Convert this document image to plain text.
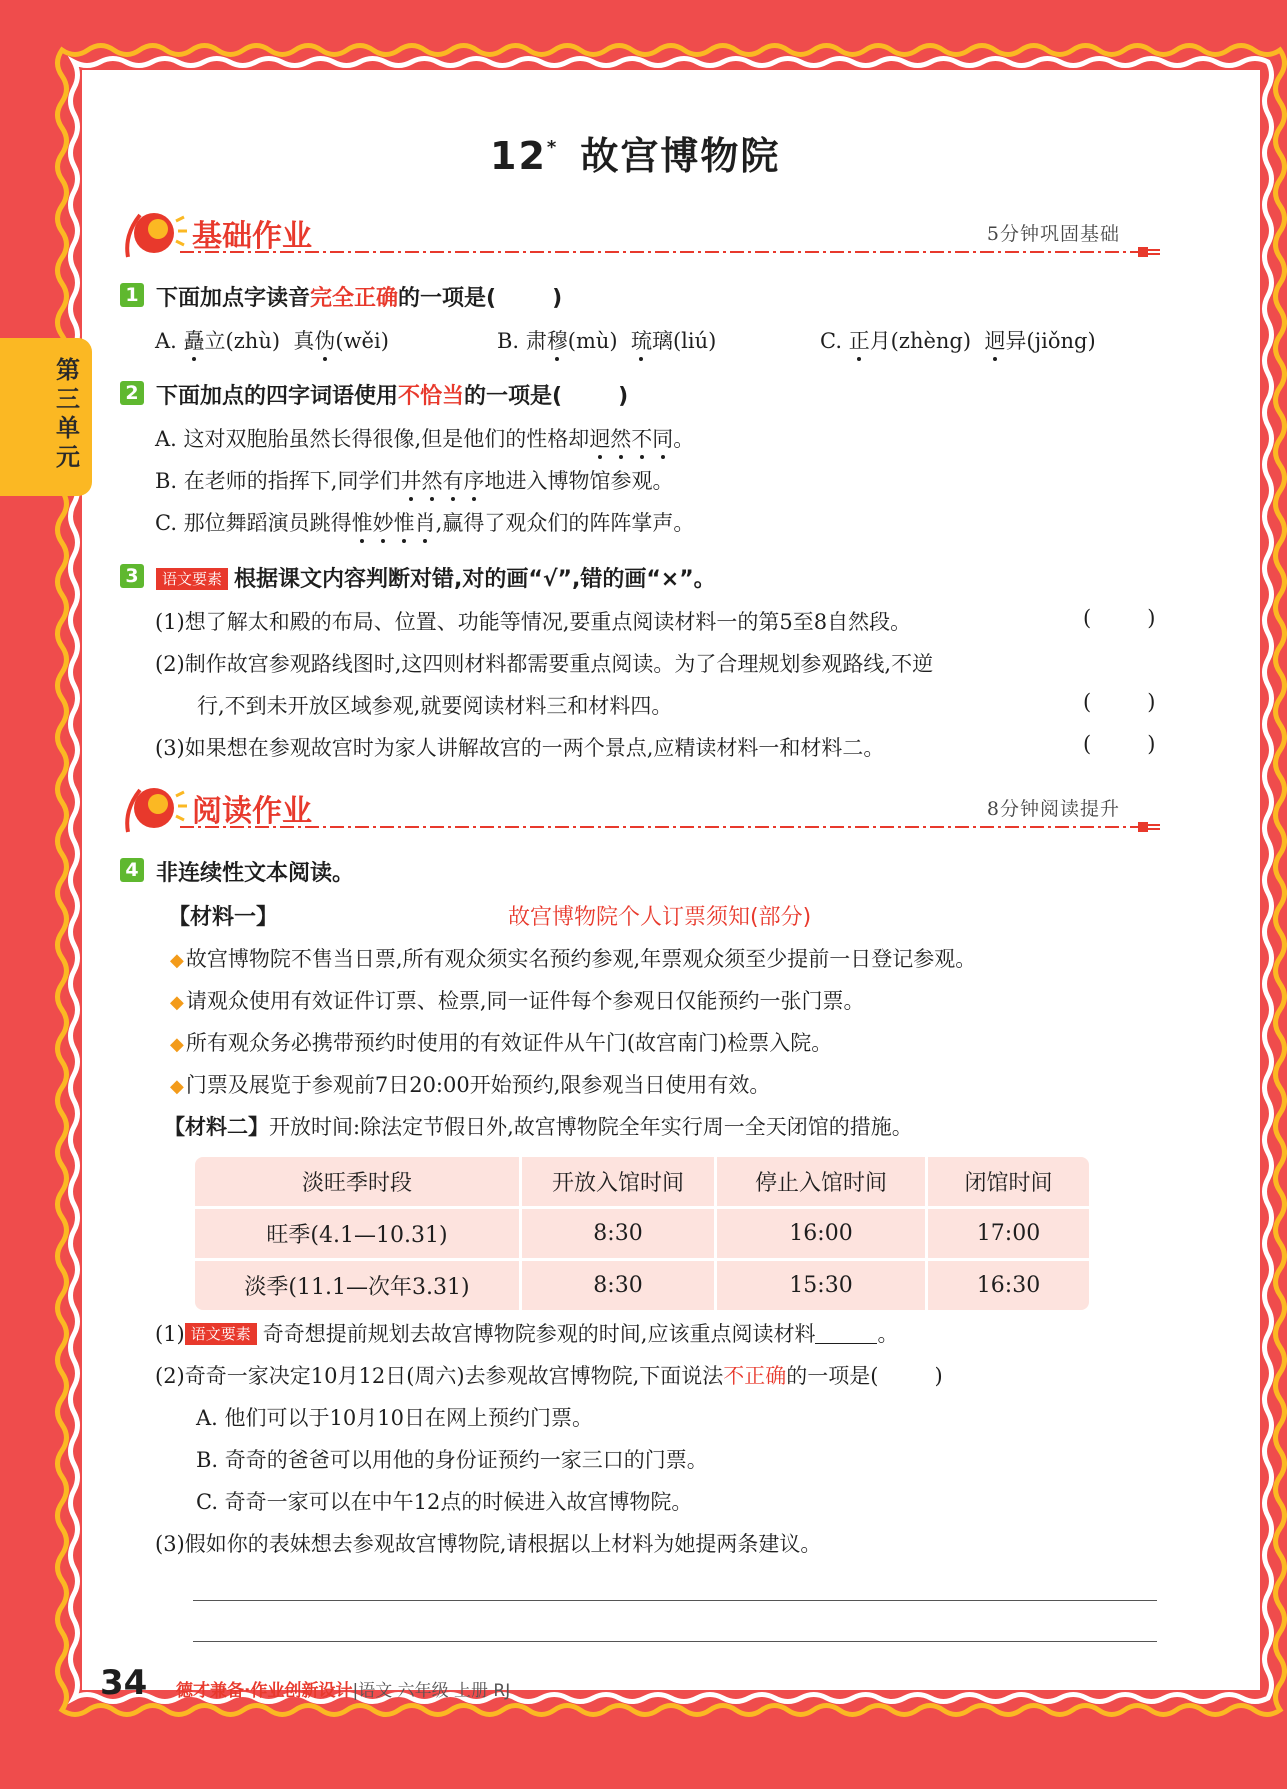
第三单元
12* 故宫博物院
基础作业	5分钟巩固基础
1 下面加点字读音完全正确的一项是(	)
A. 矗立(zhù) 真伪(wěi)	B. 肃穆(mù) 琉璃(liú)	C. 正月(zhèng) 迥异(jiǒng)
2 下面加点的四字词语使用不恰当的一项是(	)
A. 这对双胞胎虽然长得很像,但是他们的性格却迥然不同。
B. 在老师的指挥下,同学们井然有序地进入博物馆参观。
C. 那位舞蹈演员跳得惟妙惟肖,赢得了观众们的阵阵掌声。
3	语文要素 根据课文内容判断对错,对的画“√”,错的画“×”。
(1)想了解太和殿的布局、位置、功能等情况,要重点阅读材料一的第5至8自然段。
(2)制作故宫参观路线图时,这四则材料都需要重点阅读。为了合理规划参观路线,不逆
行,不到未开放区域参观,就要阅读材料三和材料四。
(3)如果想在参观故宫时为家人讲解故宫的一两个景点,应精读材料一和材料二。
(	)
(	)
(	)
阅读作业	8分钟阅读提升
4 非连续性文本阅读。
【材料一】	故宫博物院个人订票须知(部分)
◆故宫博物院不售当日票,所有观众须实名预约参观,年票观众须至少提前一日登记参观。
◆请观众使用有效证件订票、检票,同一证件每个参观日仅能预约一张门票。
◆所有观众务必携带预约时使用的有效证件从午门(故宫南门)检票入院。
◆门票及展览于参观前7日20:00开始预约,限参观当日使用有效。
【材料二】开放时间:除法定节假日外,故宫博物院全年实行周一全天闭馆的措施。
淡旺季时段	开放入馆时间	停止入馆时间	闭馆时间
旺季(4.1—10.31)	8:30	16:00	17:00
淡季(11.1—次年3.31)	8:30	15:30	16:30
(1) 语文要素 奇奇想提前规划去故宫博物院参观的时间,应该重点阅读材料	。
(2)奇奇一家决定10月12日(周六)去参观故宫博物院,下面说法不正确的一项是(	)
A. 他们可以于10月10日在网上预约门票。
B. 奇奇的爸爸可以用他的身份证预约一家三口的门票。
C. 奇奇一家可以在中午12点的时候进入故宫博物院。
(3)假如你的表妹想去参观故宫博物院,请根据以上材料为她提两条建议。
34 德才兼备·作业创新设计|语文 六年级 上册 RJ
